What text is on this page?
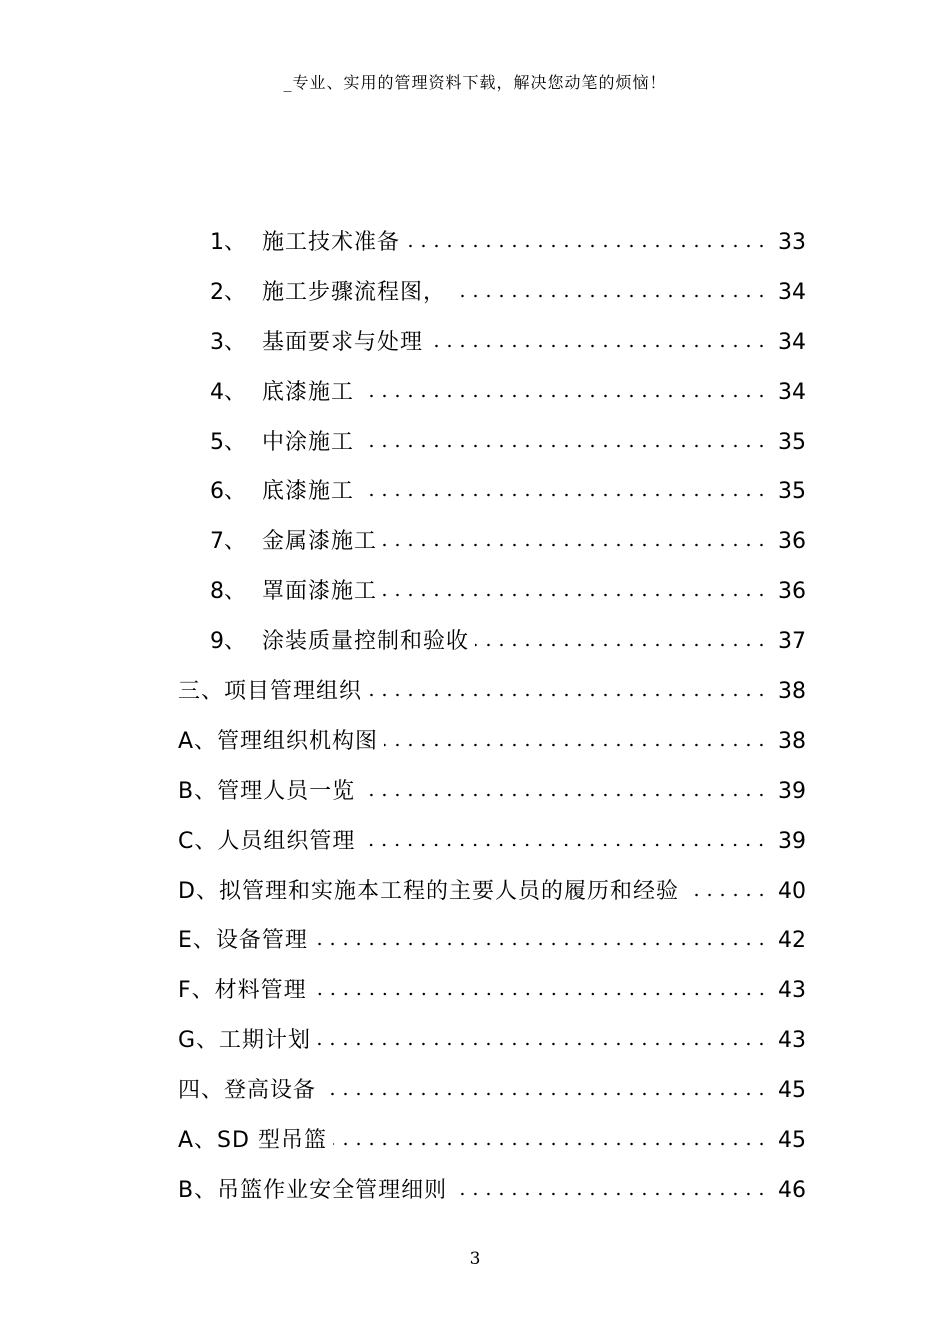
_专业、实用的管理资料下载，解决您动笔的烦恼！
1、 施工技术准备	33
2、 施工步骤流程图，	34
3、 基面要求与处理	34
4、 底漆施工	34
5、 中涂施工	35
6、 底漆施工	35
7、 金属漆施工	36
8、 罩面漆施工	36
9、 涂装质量控制和验收	37
三、项目管理组织	38
A、管理组织机构图	38
B、管理人员一览	39
C、人员组织管理	39
D、拟管理和实施本工程的主要人员的履历和经验	40
E、设备管理	42
F、材料管理	43
G、工期计划	43
四、登高设备	45
A、SD 型吊篮	45
B、吊篮作业安全管理细则	46
3
